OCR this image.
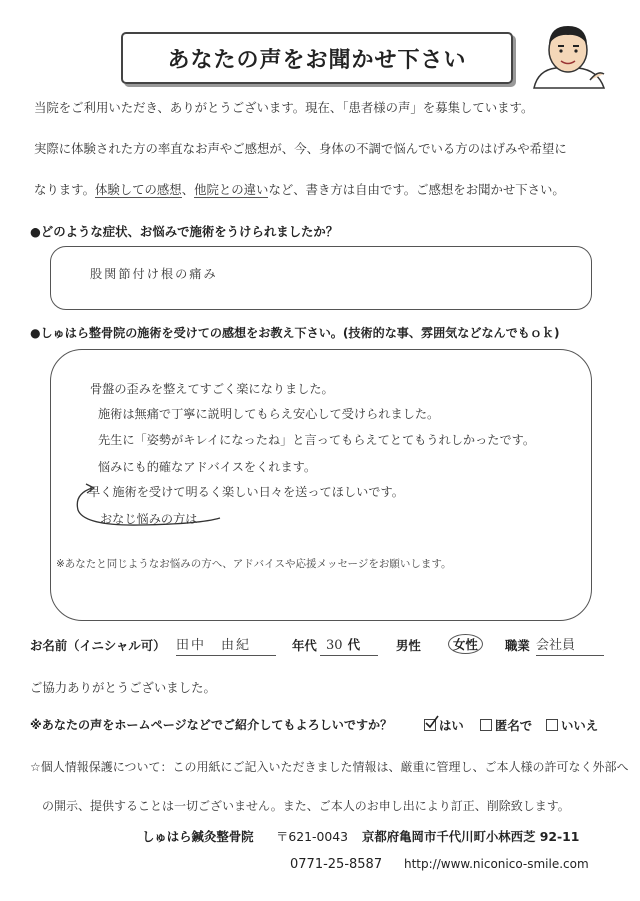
あなたの声をお聞かせ下さい
当院をご利用いただき、ありがとうございます。現在、「患者様の声」を募集しています。
実際に体験された方の率直なお声やご感想が、今、身体の不調で悩んでいる方のはげみや希望に
なります。体験しての感想、他院との違いなど、書き方は自由です。ご感想をお聞かせ下さい。
●どのような症状、お悩みで施術をうけられましたか？
股関節付け根の痛み
●しゅはら整骨院の施術を受けての感想をお教え下さい。(技術的な事、雰囲気などなんでもｏｋ)
骨盤の歪みを整えてすごく楽になりました。
施術は無痛で丁寧に説明してもらえ安心して受けられました。
先生に「姿勢がキレイになったね」と言ってもらえてとてもうれしかったです。
悩みにも的確なアドバイスをくれます。
早く施術を受けて明るく楽しい日々を送ってほしいです。
おなじ悩みの方は
※あなたと同じようなお悩みの方へ、アドバイスや応援メッセージをお願いします。
お名前（イニシャル可） 田中　由紀	年代 30 代	男性	女性	職業 会社員
ご協力ありがとうございました。
※あなたの声をホームページなどでご紹介してもよろしいですか？	はい	匿名で	いいえ
☆個人情報保護について：この用紙にご記入いただきました情報は、厳重に管理し、ご本人様の許可なく外部へ
の開示、提供することは一切ございません。また、ご本人のお申し出により訂正、削除致します。
しゅはら鍼灸整骨院 〒621-0043 京都府亀岡市千代川町小林西芝 92-11
0771-25-8587 http://www.niconico-smile.com
